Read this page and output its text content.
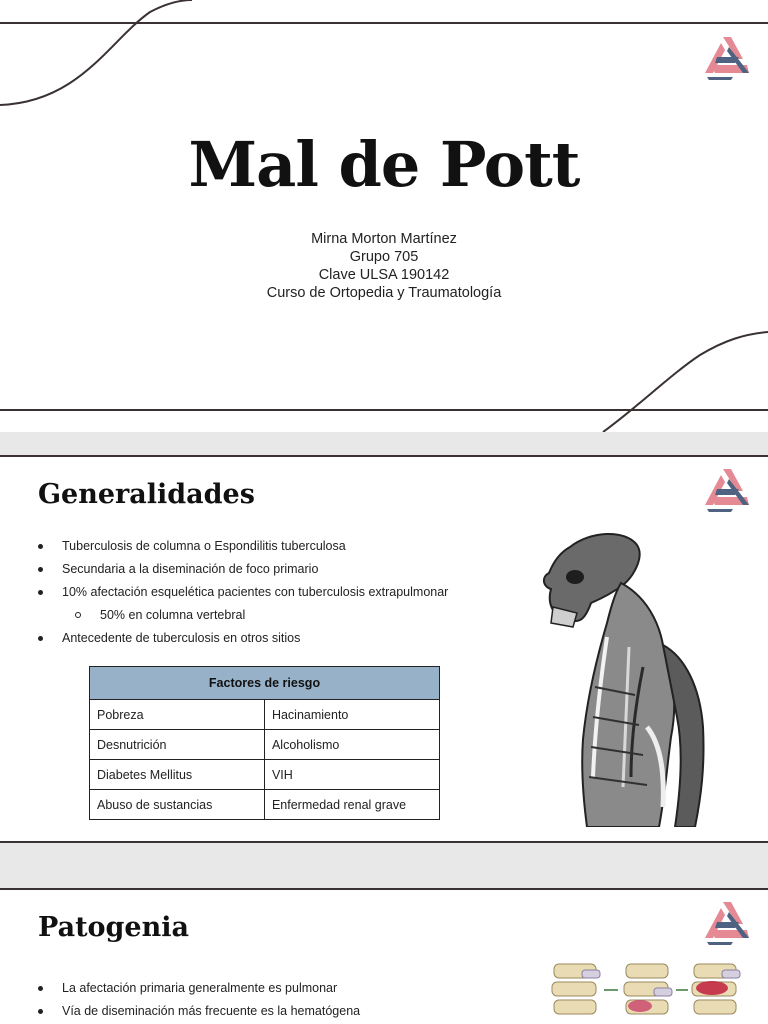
Mal de Pott
Mirna Morton Martínez
Grupo 705
Clave ULSA 190142
Curso de Ortopedia y Traumatología
Generalidades
Tuberculosis de columna o Espondilitis tuberculosa
Secundaria a la diseminación de foco primario
10% afectación esquelética pacientes con tuberculosis extrapulmonar
50% en columna vertebral
Antecedente de tuberculosis en otros sitios
Factores de riesgo	
Pobreza	Hacinamiento
Desnutrición	Alcoholismo
Diabetes Mellitus	VIH
Abuso de sustancias	Enfermedad renal grave
Patogenia
La afectación primaria generalmente es pulmonar
Vía de diseminación más frecuente es la hematógena
